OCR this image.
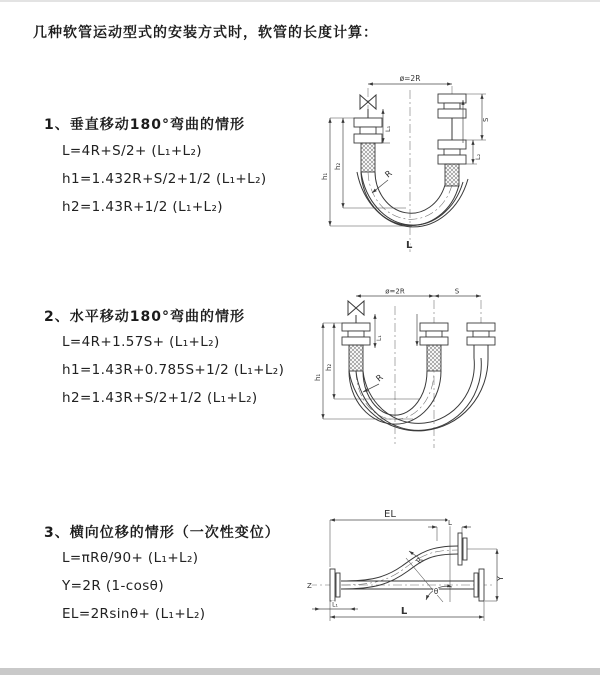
几种软管运动型式的安装方式时，软管的长度计算：
1、垂直移动180°弯曲的情形
L=4R+S/2+ (L₁+L₂)
h1=1.432R+S/2+1/2 (L₁+L₂)
h2=1.43R+1/2 (L₁+L₂)
2、水平移动180°弯曲的情形
L=4R+1.57S+ (L₁+L₂)
h1=1.43R+0.785S+1/2 (L₁+L₂)
h2=1.43R+S/2+1/2 (L₁+L₂)
3、横向位移的情形（一次性变位）
L=πRθ/90+ (L₁+L₂)
Y=2R (1-cosθ)
EL=2Rsinθ+ (L₁+L₂)
ø=2R
h₁
h₂
L₁
S
L₂
R
L
ø=2R	S
L₁
h₁
h₂
R
EL
L
Y
Z
R
θ
L₁
L
